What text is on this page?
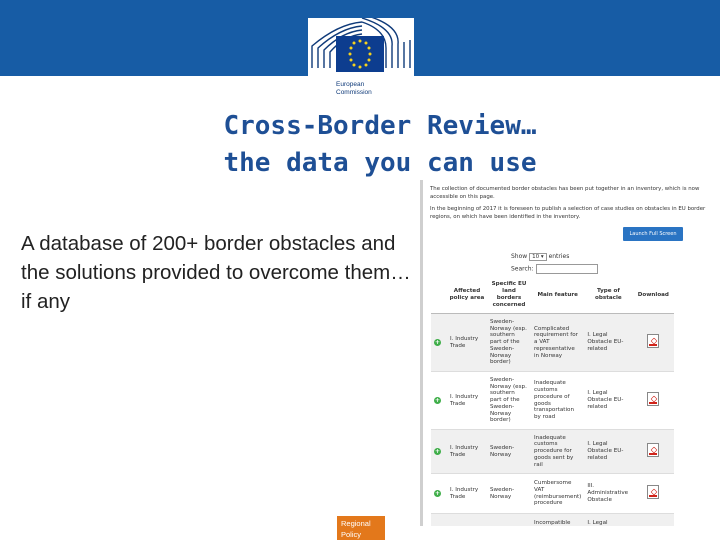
European
Commission
Cross-Border Review…
the data you can use
A database of 200+ border obstacles and the solutions provided to overcome them… if any

The collection of documented border obstacles has been put together in an inventory, which is now accessible on this page.

In the beginning of 2017 it is foreseen to publish a selection of case studies on obstacles in EU border regions, on which have been identified in the inventory.

Launch Full Screen
Show 10 ▾ entries
Search:
	Affected policy area	Specific EU land borders concerned	Main feature	Type of obstacle	Download
+	I. Industry Trade	Sweden-Norway (esp. southern part of the Sweden-Norway border)	Complicated requirement for a VAT representative in Norway	I. Legal Obstacle EU-related	
+	I. Industry Trade	Sweden-Norway (esp. southern part of the Sweden-Norway border)	Inadequate customs procedure of goods transportation by road	I. Legal Obstacle EU-related	
+	I. Industry Trade	Sweden-Norway	Inadequate customs procedure for goods sent by rail	I. Legal Obstacle EU-related	
+	I. Industry Trade	Sweden-Norway	Cumbersome VAT (reimbursement) procedure	III. Administrative Obstacle	
			Incompatible	I. Legal	
Regional Policy
